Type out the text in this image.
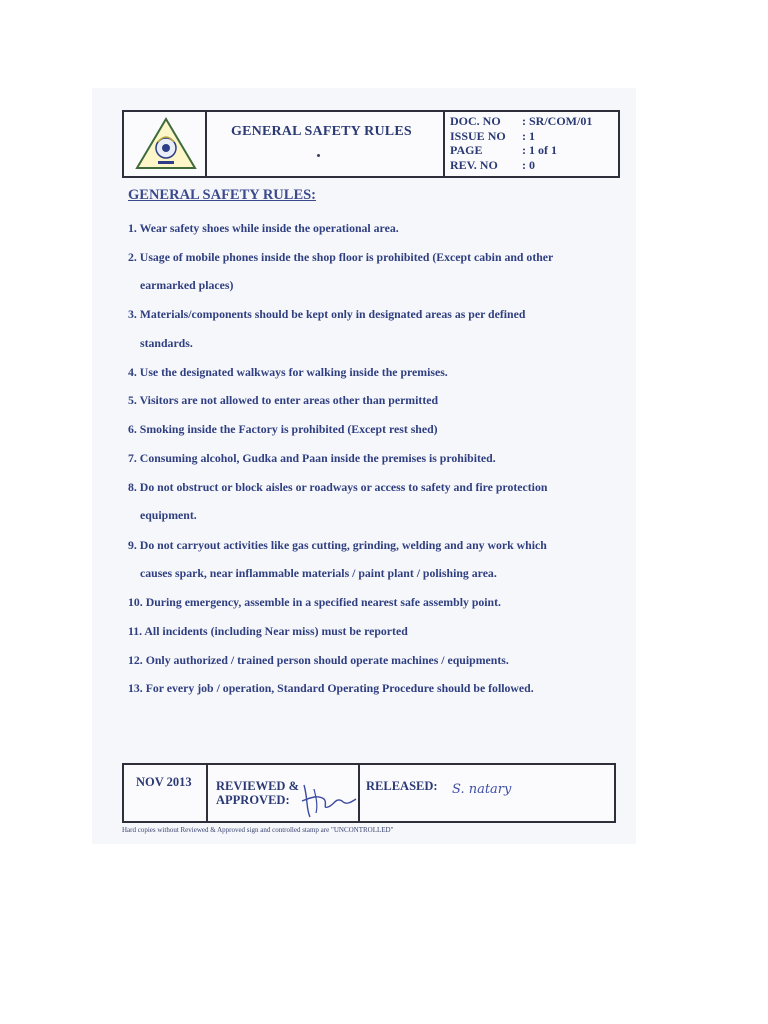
GENERAL SAFETY RULES
DOC. NO	: SR/COM/01
ISSUE NO	: 1
PAGE	: 1 of 1
REV. NO	: 0
GENERAL SAFETY RULES:
1. Wear safety shoes while inside the operational area.
2. Usage of mobile phones inside the shop floor is prohibited (Except cabin and other
earmarked places)
3. Materials/components should be kept only in designated areas as per defined
standards.
4. Use the designated walkways for walking inside the premises.
5. Visitors are not allowed to enter areas other than permitted
6. Smoking inside the Factory is prohibited (Except rest shed)
7. Consuming alcohol, Gudka and Paan inside the premises is prohibited.
8. Do not obstruct or block aisles or roadways or access to safety and fire protection
equipment.
9. Do not carryout activities like gas cutting, grinding, welding and any work which
causes spark, near inflammable materials / paint plant / polishing area.
10. During emergency, assemble in a specified nearest safe assembly point.
11. All incidents (including Near miss) must be reported
12. Only authorized / trained person should operate machines / equipments.
13. For every job / operation, Standard Operating Procedure should be followed.
NOV 2013 REVIEWED &
APPROVED:
RELEASED: S. natary
Hard copies without Reviewed & Approved sign and controlled stamp are "UNCONTROLLED"
